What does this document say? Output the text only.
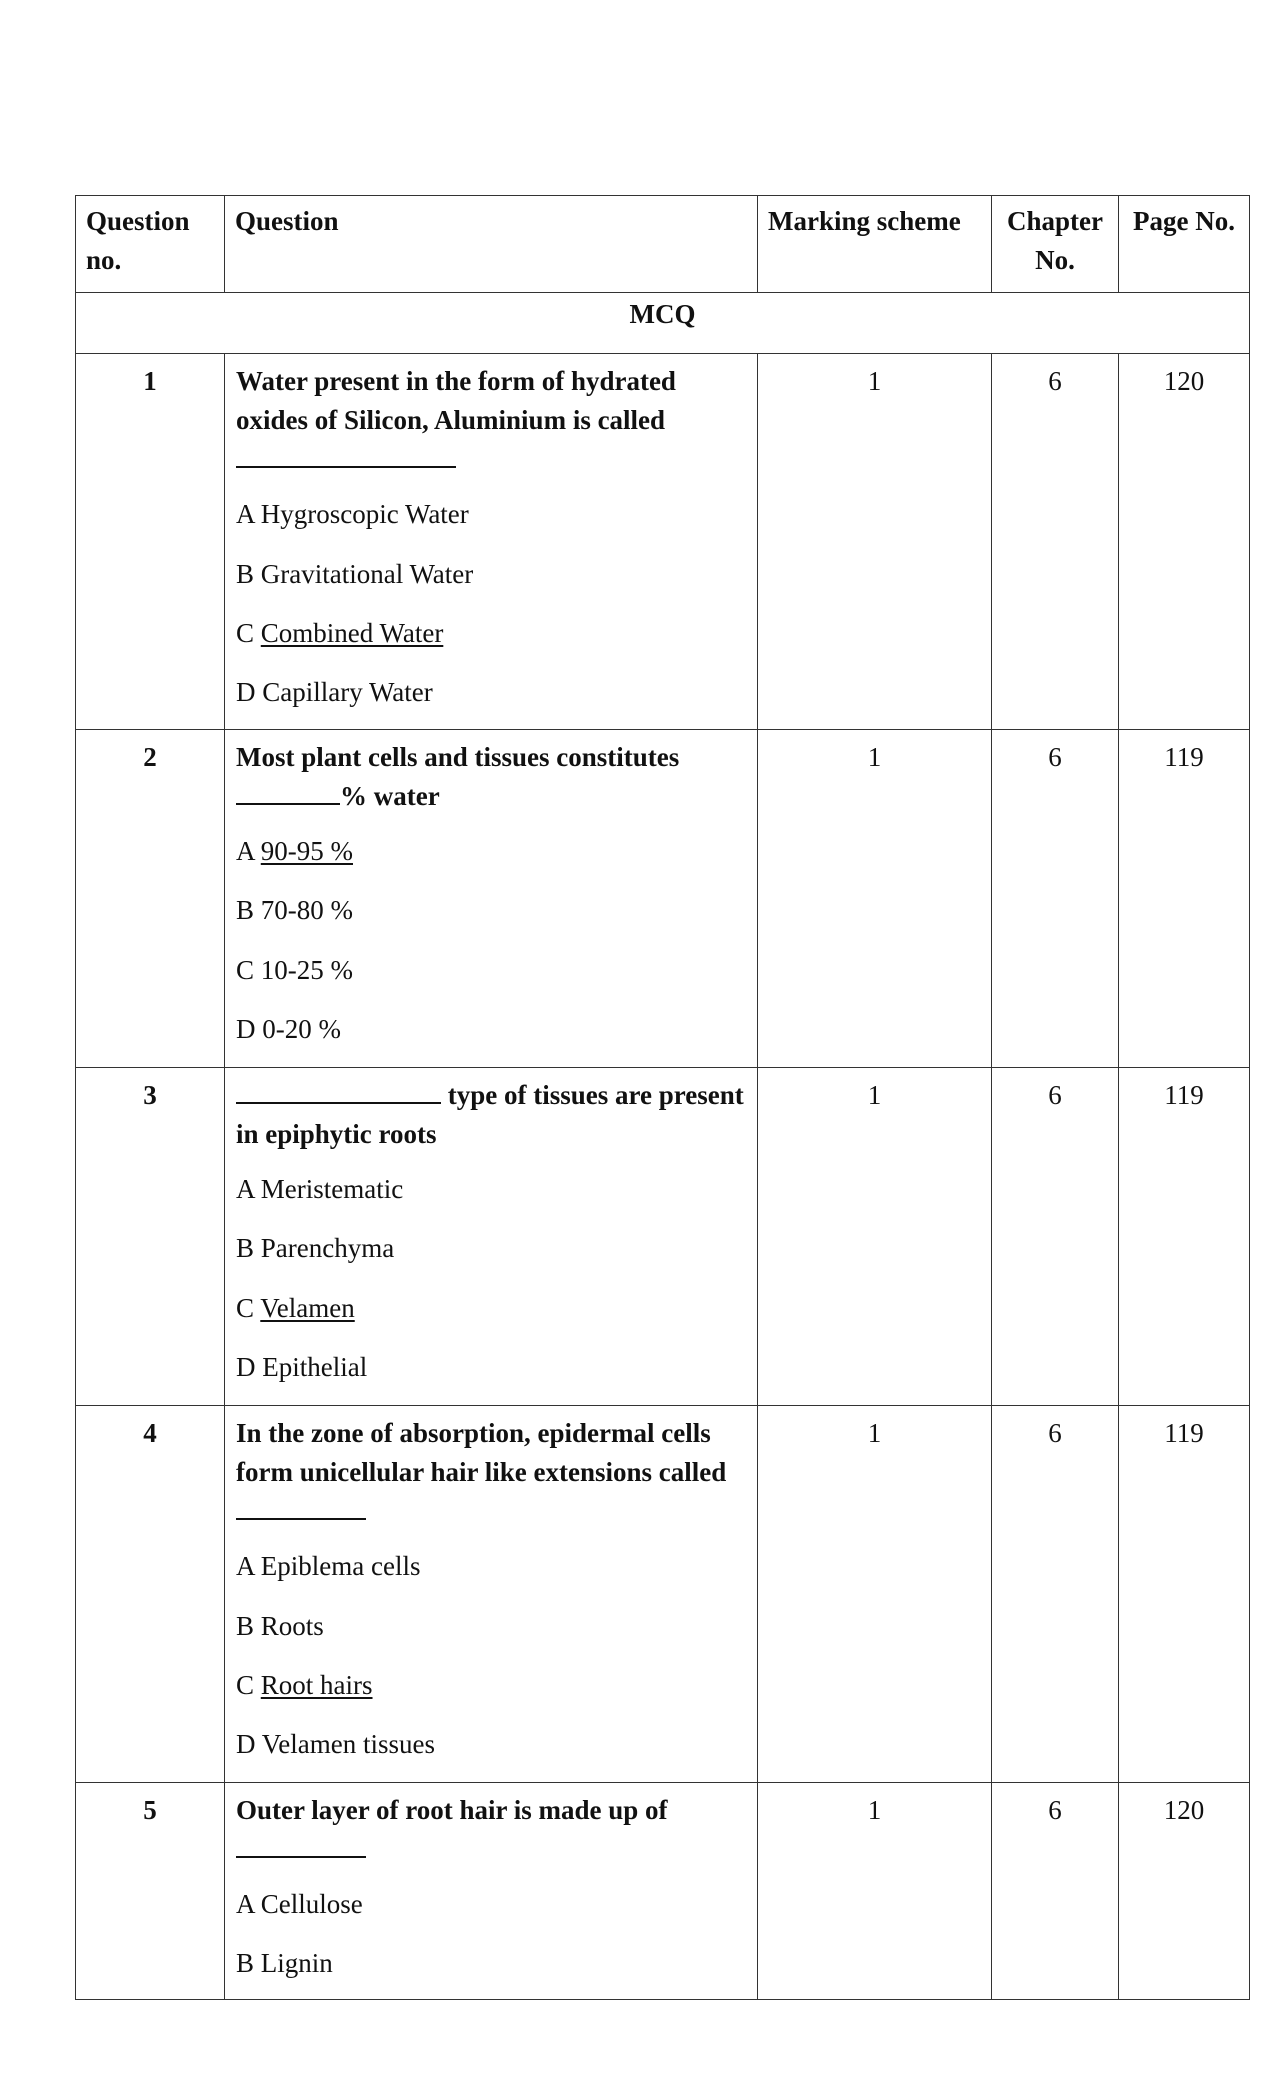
Question no.	Question	Marking scheme	Chapter No.	Page No.
MCQ				
1	Water present in the form of hydrated oxides of Silicon, Aluminium is called
A Hygroscopic Water
B Gravitational Water
C Combined Water
D Capillary Water	1	6	120
2	Most plant cells and tissues constitutes % water
A 90-95 %
B 70-80 %
C 10-25 %
D 0-20 %	1	6	119
3	type of tissues are present in epiphytic roots
A Meristematic
B Parenchyma
C Velamen
D Epithelial	1	6	119
4	In the zone of absorption, epidermal cells form unicellular hair like extensions called
A Epiblema cells
B Roots
C Root hairs
D Velamen tissues	1	6	119
5	Outer layer of root hair is made up of
A Cellulose
B Lignin	1	6	120
